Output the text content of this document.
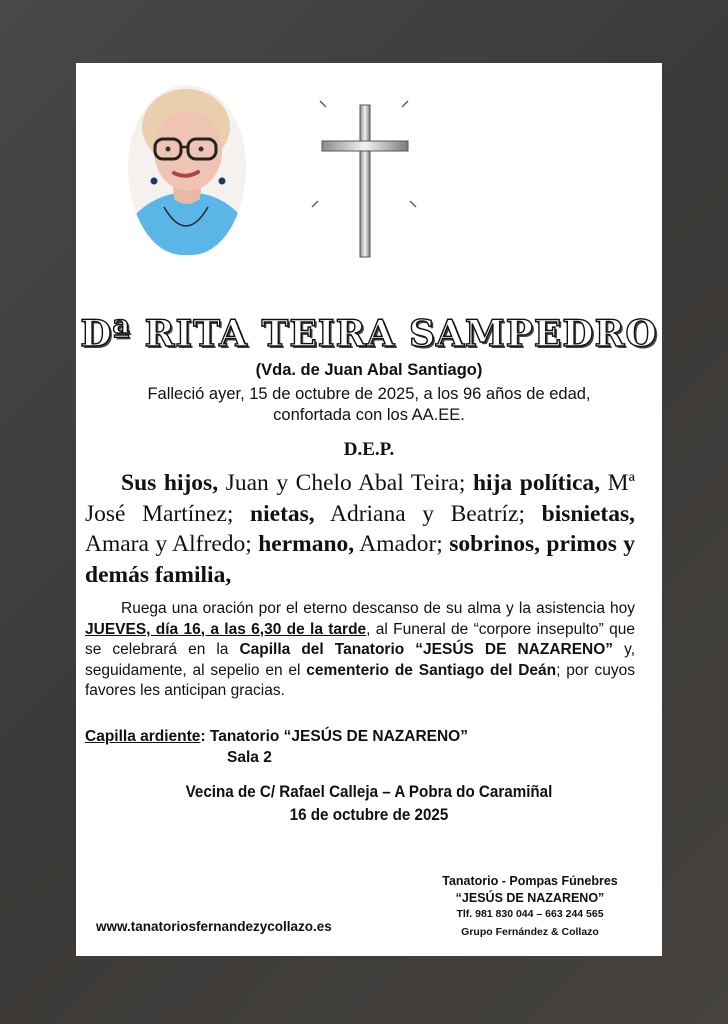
Dª RITA TEIRA SAMPEDRO
(Vda. de Juan Abal Santiago)
Falleció ayer, 15 de octubre de 2025, a los 96 años de edad,
confortada con los AA.EE.
D.E.P.
Sus hijos, Juan y Chelo Abal Teira; hija política, Mª José Martínez; nietas, Adriana y Beatríz; bisnietas, Amara y Alfredo; hermano, Amador; sobrinos, primos y demás familia,
Ruega una oración por el eterno descanso de su alma y la asistencia hoy JUEVES, día 16, a las 6,30 de la tarde, al Funeral de “corpore insepulto” que se celebrará en la Capilla del Tanatorio “JESÚS DE NAZARENO” y, seguidamente, al sepelio en el cementerio de Santiago del Deán; por cuyos favores les anticipan gracias.
Capilla ardiente: Tanatorio “JESÚS DE NAZARENO”
Sala 2
Vecina de C/ Rafael Calleja – A Pobra do Caramiñal
16 de octubre de 2025
Tanatorio - Pompas Fúnebres
“JESÚS DE NAZARENO”
Tlf. 981 830 044 – 663 244 565
Grupo Fernández & Collazo
www.tanatoriosfernandezycollazo.es
